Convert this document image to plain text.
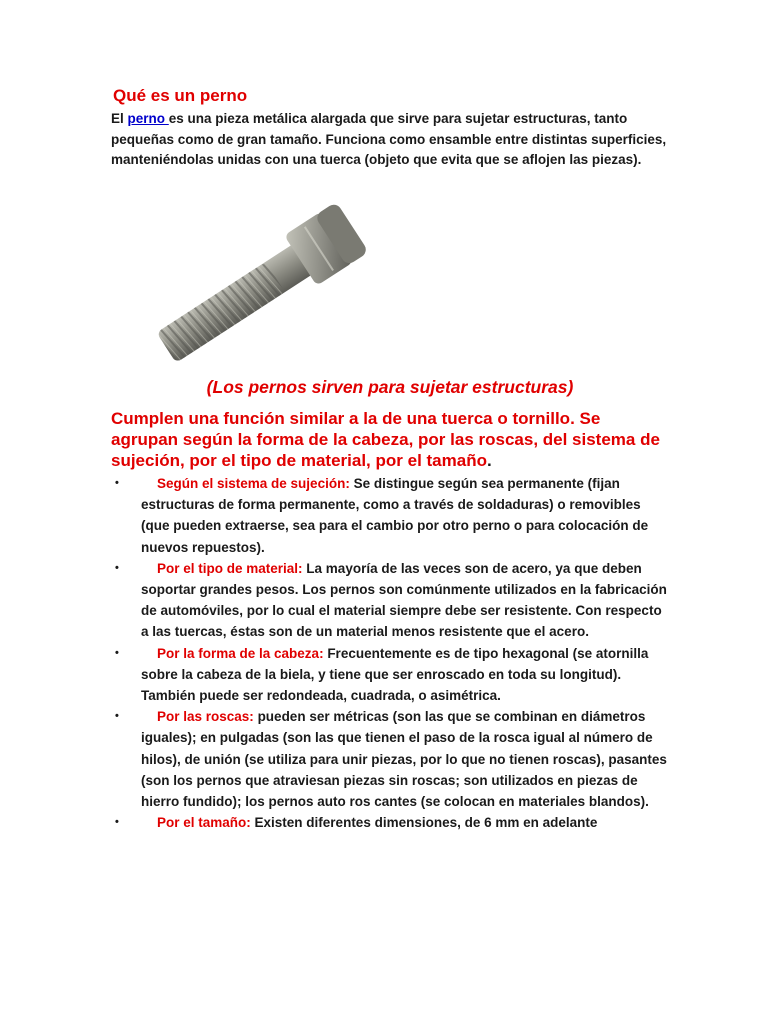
Qué es un perno

El perno es una pieza metálica alargada que sirve para sujetar estructuras, tanto pequeñas como de gran tamaño. Funciona como ensamble entre distintas superficies, manteniéndolas unidas con una tuerca (objeto que evita que se aflojen las piezas).

(Los pernos sirven para sujetar estructuras)

Cumplen una función similar a la de una tuerca o tornillo. Se agrupan según la forma de la cabeza, por las roscas, del sistema de sujeción, por el tipo de material, por el tamaño.

•	Según el sistema de sujeción: Se distingue según sea permanente (fijan estructuras de forma permanente, como a través de soldaduras) o removibles (que pueden extraerse, sea para el cambio por otro perno o para colocación de nuevos repuestos).
•	Por el tipo de material: La mayoría de las veces son de acero, ya que deben soportar grandes pesos. Los pernos son comúnmente utilizados en la fabricación de automóviles, por lo cual el material siempre debe ser resistente. Con respecto a las tuercas, éstas son de un material menos resistente que el acero.
•	Por la forma de la cabeza: Frecuentemente es de tipo hexagonal (se atornilla sobre la cabeza de la biela, y tiene que ser enroscado en toda su longitud). También puede ser redondeada, cuadrada, o asimétrica.
•	Por las roscas: pueden ser métricas (son las que se combinan en diámetros iguales); en pulgadas (son las que tienen el paso de la rosca igual al número de hilos), de unión (se utiliza para unir piezas, por lo que no tienen roscas), pasantes (son los pernos que atraviesan piezas sin roscas; son utilizados en piezas de hierro fundido); los pernos auto ros cantes (se colocan en materiales blandos).
•	Por el tamaño: Existen diferentes dimensiones, de 6 mm en adelante
